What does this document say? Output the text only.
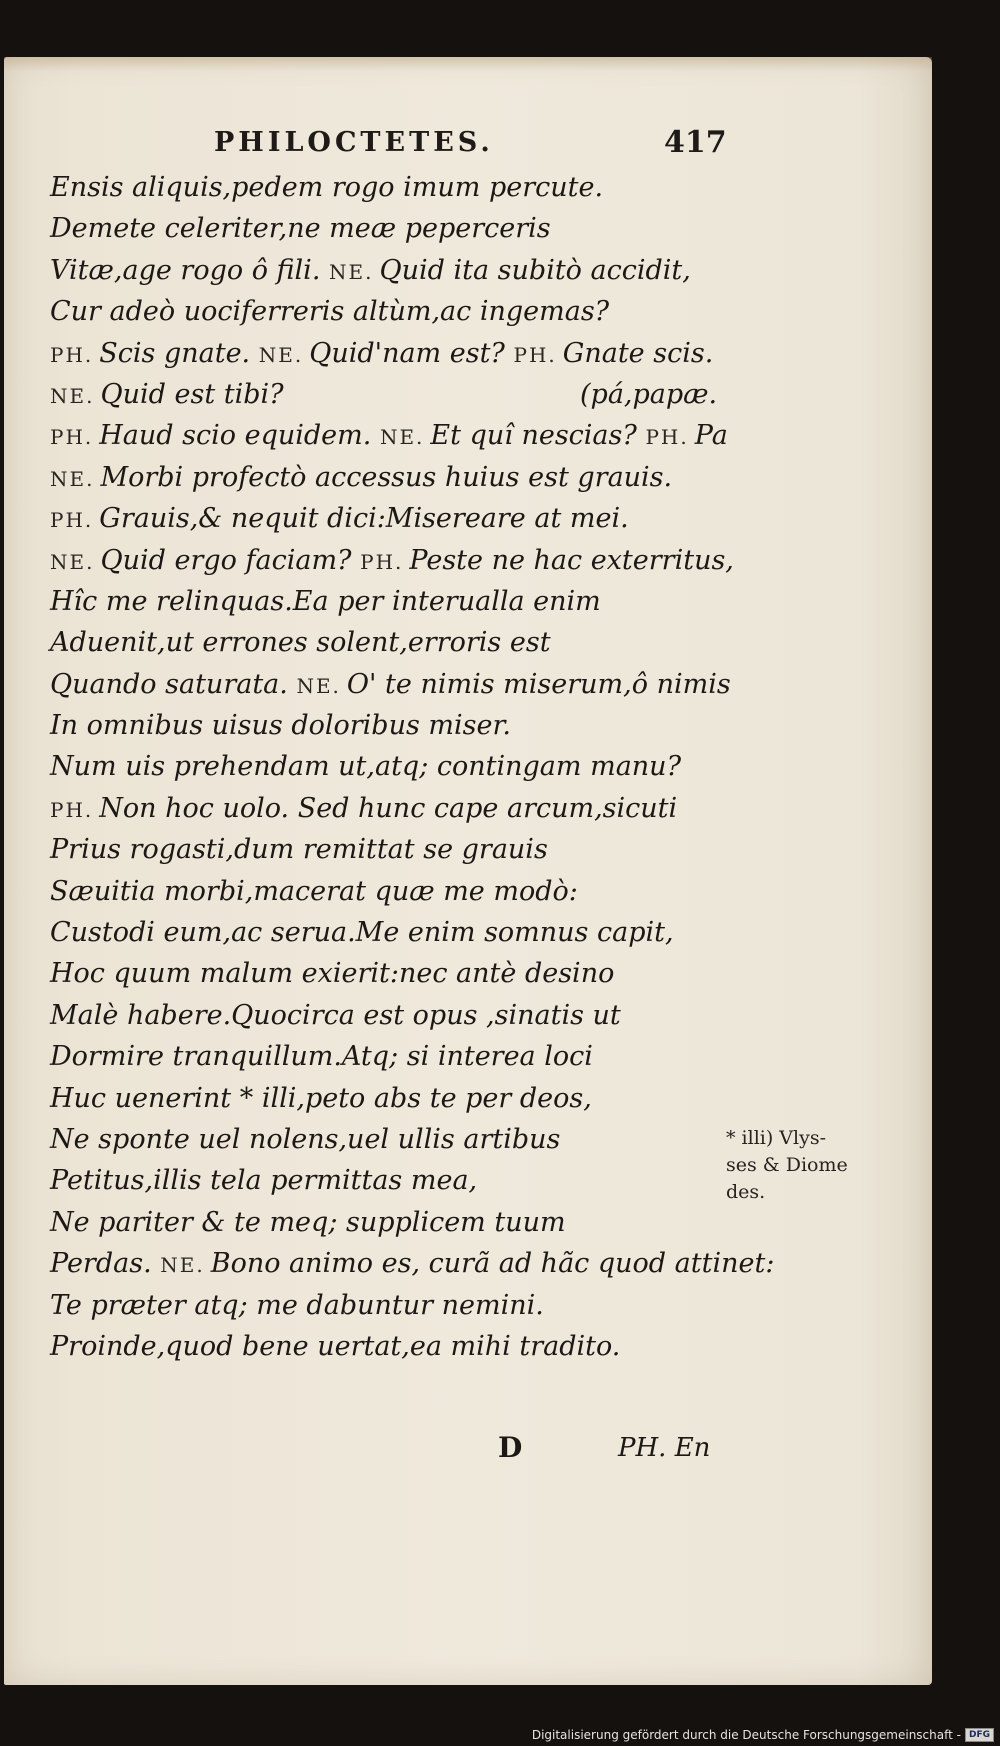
PHILOCTETES.	417
Ensis aliquis,pedem rogo imum percute.
Demete celeriter,ne meæ peperceris
Vitæ,age rogo ô fili. NE. Quid ita subitò accidit,
Cur adeò uociferreris altùm,ac ingemas?
PH. Scis gnate. NE. Quid'nam est? PH. Gnate scis.
NE. Quid est tibi?	(pá,papæ.
PH. Haud scio equidem. NE. Et quî nescias? PH. Pa
NE. Morbi profectò accessus huius est grauis.
PH. Grauis,& nequit dici:Misereare at mei.
NE. Quid ergo faciam? PH. Peste ne hac exterritus,
Hîc me relinquas.Ea per interualla enim
Aduenit,ut errones solent,erroris est
Quando saturata. NE. O' te nimis miserum,ô nimis
In omnibus uisus doloribus miser.
Num uis prehendam ut,atq; contingam manu?
PH. Non hoc uolo. Sed hunc cape arcum,sicuti
Prius rogasti,dum remittat se grauis
Sæuitia morbi,macerat quæ me modò:
Custodi eum,ac serua.Me enim somnus capit,
Hoc quum malum exierit:nec antè desino
Malè habere.Quocirca est opus ,sinatis ut
Dormire tranquillum.Atq; si interea loci
Huc uenerint * illi,peto abs te per deos,
Ne sponte uel nolens,uel ullis artibus
Petitus,illis tela permittas mea,
Ne pariter & te meq; supplicem tuum
Perdas. NE. Bono animo es, curã ad hãc quod attinet:
Te præter atq; me dabuntur nemini.
Proinde,quod bene uertat,ea mihi tradito.
* illi) Vlys-
ses & Diome
des.
D	PH. En
Digitalisierung gefördert durch die Deutsche Forschungsgemeinschaft - DFG
